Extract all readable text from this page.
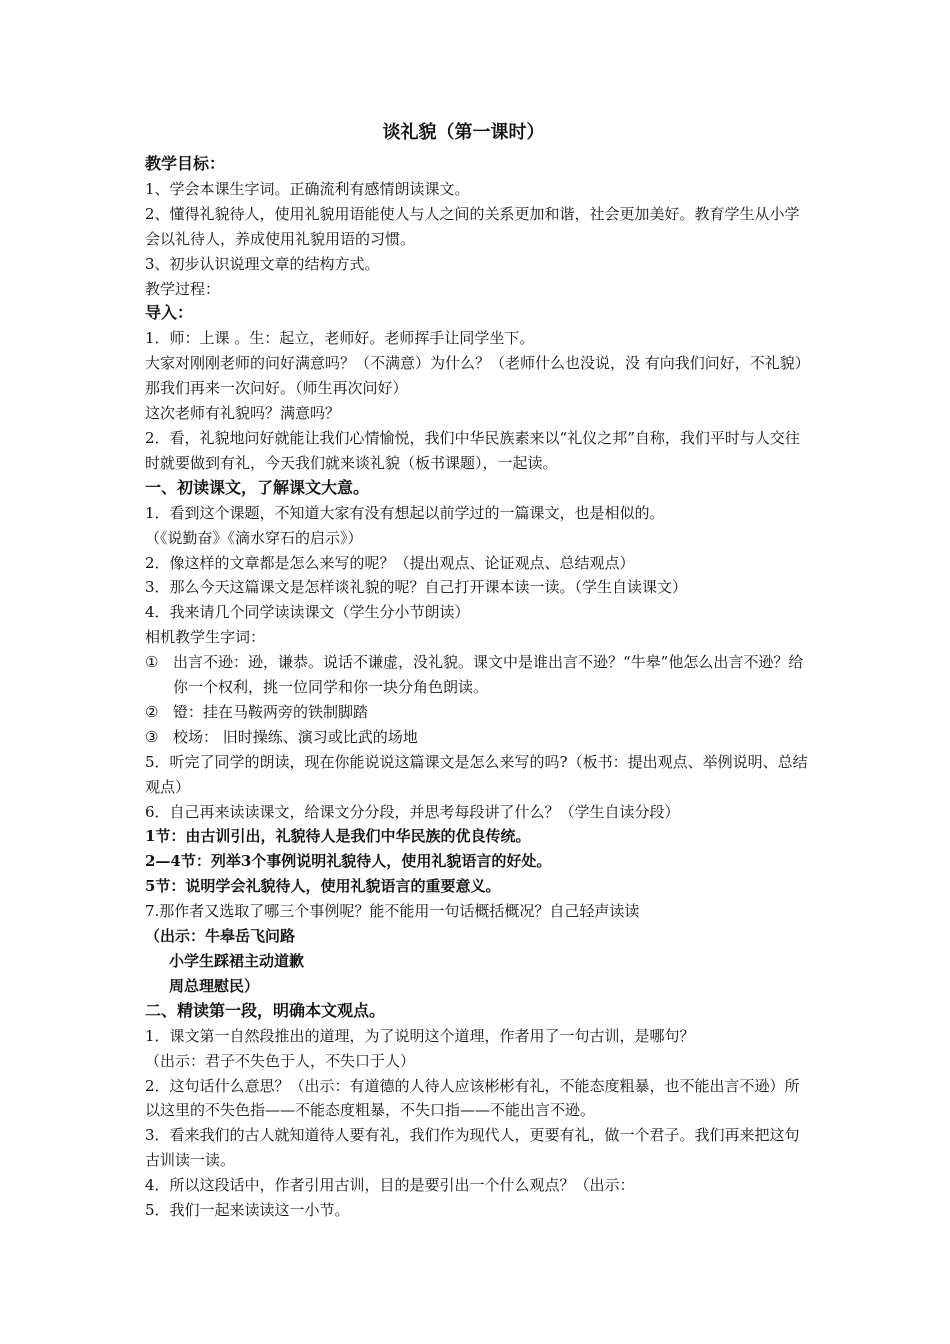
谈礼貌（第一课时）
教学目标：
1、学会本课生字词。正确流利有感情朗读课文。
2、懂得礼貌待人，使用礼貌用语能使人与人之间的关系更加和谐，社会更加美好。教育学生从小学会以礼待人，养成使用礼貌用语的习惯。
3、初步认识说理文章的结构方式。
教学过程：
导入：
1．师：上课 。生：起立，老师好。老师挥手让同学坐下。
大家对刚刚老师的问好满意吗？（不满意）为什么？（老师什么也没说，没 有向我们问好，不礼貌）那我们再来一次问好。（师生再次问好）
这次老师有礼貌吗？满意吗？
2．看，礼貌地问好就能让我们心情愉悦，我们中华民族素来以“礼仪之邦”自称，我们平时与人交往时就要做到有礼，今天我们就来谈礼貌（板书课题），一起读。
一、初读课文，了解课文大意。
1．看到这个课题，不知道大家有没有想起以前学过的一篇课文，也是相似的。
（《说勤奋》《滴水穿石的启示》）
2．像这样的文章都是怎么来写的呢？（提出观点、论证观点、总结观点）
3．那么今天这篇课文是怎样谈礼貌的呢？自己打开课本读一读。（学生自读课文）
4．我来请几个同学读读课文（学生分小节朗读）
相机教学生字词：
① 出言不逊：逊，谦恭。说话不谦虚，没礼貌。课文中是谁出言不逊？“牛皋”他怎么出言不逊？给你一个权利，挑一位同学和你一块分角色朗读。
② 镫：挂在马鞍两旁的铁制脚踏
③ 校场： 旧时操练、演习或比武的场地
5．听完了同学的朗读，现在你能说说这篇课文是怎么来写的吗?（板书：提出观点、举例说明、总结观点）
6．自己再来读读课文，给课文分分段，并思考每段讲了什么？（学生自读分段）
1节：由古训引出，礼貌待人是我们中华民族的优良传统。
2—4节：列举3个事例说明礼貌待人，使用礼貌语言的好处。
5节：说明学会礼貌待人，使用礼貌语言的重要意义。
7.那作者又选取了哪三个事例呢？能不能用一句话概括概况？自己轻声读读
（出示：牛皋岳飞问路
小学生踩裙主动道歉
周总理慰民）
二、精读第一段，明确本文观点。
1．课文第一自然段推出的道理，为了说明这个道理，作者用了一句古训，是哪句？
（出示：君子不失色于人，不失口于人）
2．这句话什么意思？（出示：有道德的人待人应该彬彬有礼，不能态度粗暴，也不能出言不逊）所以这里的不失色指——不能态度粗暴，不失口指——不能出言不逊。
3．看来我们的古人就知道待人要有礼，我们作为现代人，更要有礼，做一个君子。我们再来把这句古训读一读。
4．所以这段话中，作者引用古训，目的是要引出一个什么观点？（出示：
5．我们一起来读读这一小节。
